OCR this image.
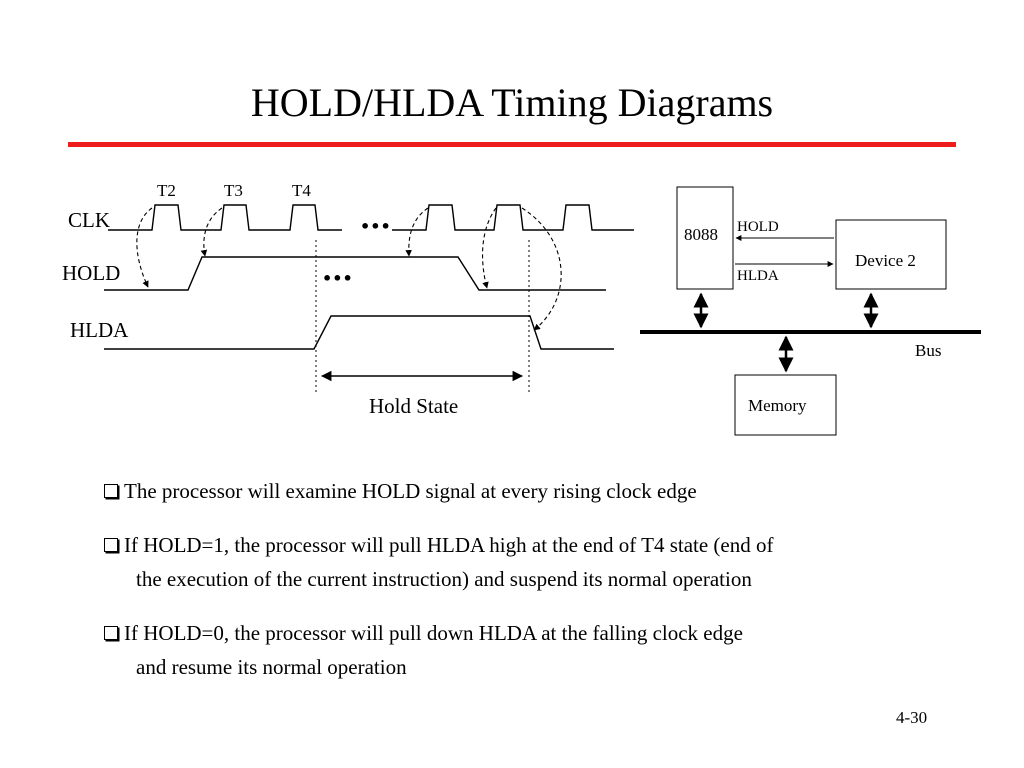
HOLD/HLDA Timing Diagrams
T2	T3	T4
CLK
HOLD
HLDA
•••
•••
Hold State
8088
Device 2
HOLD
HLDA
Bus
Memory
The processor will examine HOLD signal at every rising clock edge
If HOLD=1, the processor will pull HLDA high at the end of T4 state (end of
the execution of the current instruction) and suspend its normal operation
If HOLD=0, the processor will pull down HLDA at the falling clock edge
and resume its normal operation
4-30
